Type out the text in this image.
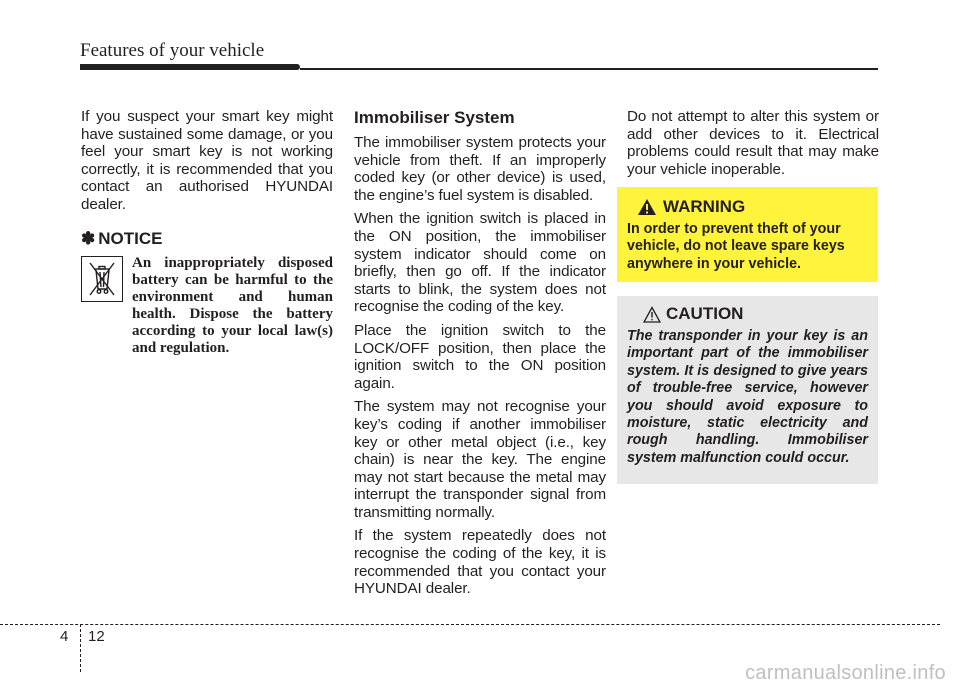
Features of your vehicle

If you suspect your smart key might have sustained some damage, or you feel your smart key is not working correctly, it is recommended that you contact an authorised HYUNDAI dealer.

✽ NOTICE

An inappropriately disposed battery can be harmful to the environment and human health. Dispose the battery according to your local law(s) and regulation.

Immobiliser System

The immobiliser system protects your vehicle from theft. If an improperly coded key (or other device) is used, the engine’s fuel system is disabled.

When the ignition switch is placed in the ON position, the immobiliser system indicator should come on briefly, then go off. If the indicator starts to blink, the system does not recognise the coding of the key.

Place the ignition switch to the LOCK/OFF position, then place the ignition switch to the ON position again.

The system may not recognise your key’s coding if another immobiliser key or other metal object (i.e., key chain) is near the key. The engine may not start because the metal may interrupt the transponder signal from transmitting normally.

If the system repeatedly does not recognise the coding of the key, it is recommended that you contact your HYUNDAI dealer.

Do not attempt to alter this system or add other devices to it. Electrical problems could result that may make your vehicle inoperable.

WARNING

In order to prevent theft of your vehicle, do not leave spare keys anywhere in your vehicle.

CAUTION

The transponder in your key is an important part of the immobiliser system. It is designed to give years of trouble-free service, however you should avoid exposure to moisture, static electricity and rough handling. Immobiliser system malfunction could occur.

4 12
carmanualsonline.info
